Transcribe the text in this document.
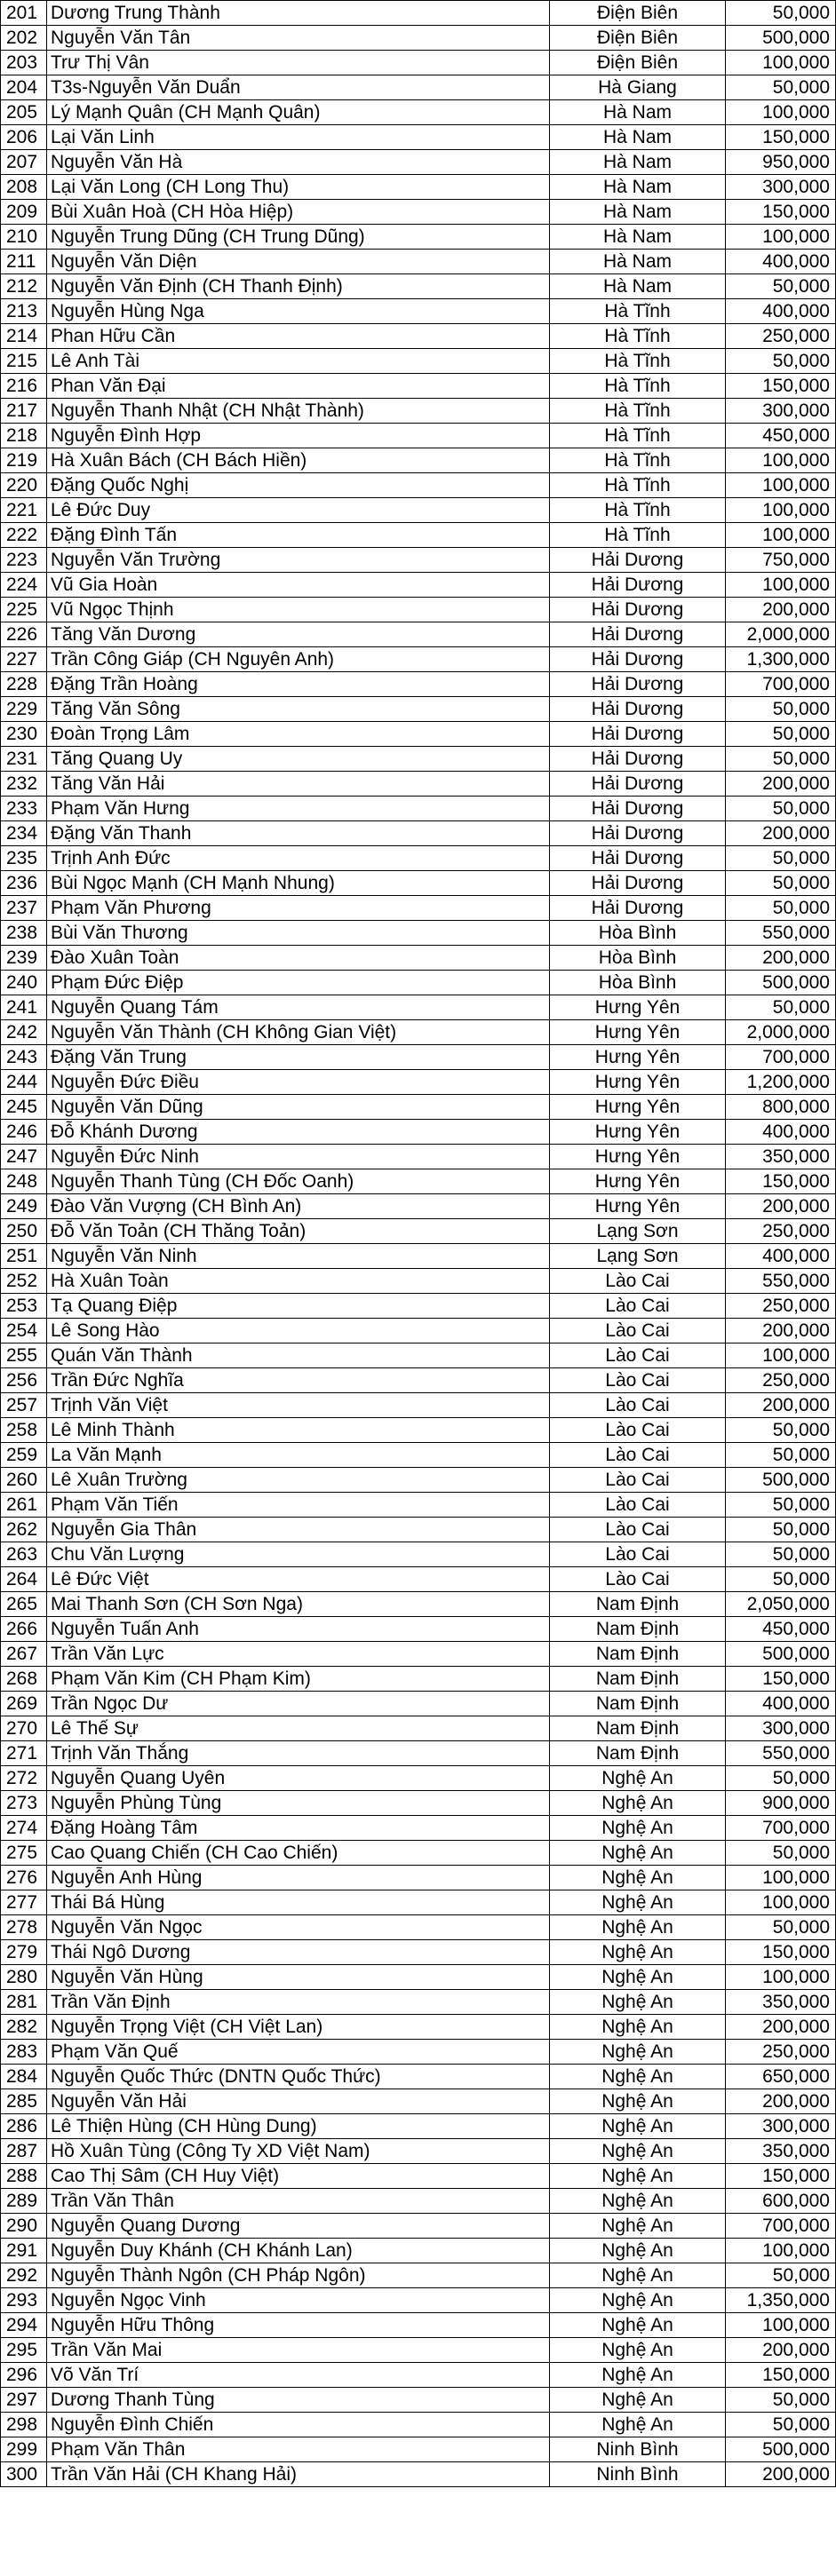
201	Dương Trung Thành	Điện Biên	50,000
202	Nguyễn Văn Tân	Điện Biên	500,000
203	Trư Thị Vân	Điện Biên	100,000
204	T3s-Nguyễn Văn Duẩn	Hà Giang	50,000
205	Lý Mạnh Quân (CH Mạnh Quân)	Hà Nam	100,000
206	Lại Văn Linh	Hà Nam	150,000
207	Nguyễn Văn Hà	Hà Nam	950,000
208	Lại Văn Long (CH Long Thu)	Hà Nam	300,000
209	Bùi Xuân Hoà (CH Hòa Hiệp)	Hà Nam	150,000
210	Nguyễn Trung Dũng (CH Trung Dũng)	Hà Nam	100,000
211	Nguyễn Văn Diện	Hà Nam	400,000
212	Nguyễn Văn Định (CH Thanh Định)	Hà Nam	50,000
213	Nguyễn Hùng Nga	Hà Tĩnh	400,000
214	Phan Hữu Cần	Hà Tĩnh	250,000
215	Lê Anh Tài	Hà Tĩnh	50,000
216	Phan Văn Đại	Hà Tĩnh	150,000
217	Nguyễn Thanh Nhật (CH Nhật Thành)	Hà Tĩnh	300,000
218	Nguyễn Đình Hợp	Hà Tĩnh	450,000
219	Hà Xuân Bách (CH Bách Hiền)	Hà Tĩnh	100,000
220	Đặng Quốc Nghị	Hà Tĩnh	100,000
221	Lê Đức Duy	Hà Tĩnh	100,000
222	Đặng Đình Tấn	Hà Tĩnh	100,000
223	Nguyễn Văn Trường	Hải Dương	750,000
224	Vũ Gia Hoàn	Hải Dương	100,000
225	Vũ Ngọc Thịnh	Hải Dương	200,000
226	Tăng Văn Dương	Hải Dương	2,000,000
227	Trần Công Giáp (CH Nguyên Anh)	Hải Dương	1,300,000
228	Đặng Trần Hoàng	Hải Dương	700,000
229	Tăng Văn Sông	Hải Dương	50,000
230	Đoàn Trọng Lâm	Hải Dương	50,000
231	Tăng Quang Uy	Hải Dương	50,000
232	Tăng Văn Hải	Hải Dương	200,000
233	Phạm Văn Hưng	Hải Dương	50,000
234	Đặng Văn Thanh	Hải Dương	200,000
235	Trịnh Anh Đức	Hải Dương	50,000
236	Bùi Ngọc Mạnh (CH Mạnh Nhung)	Hải Dương	50,000
237	Phạm Văn Phương	Hải Dương	50,000
238	Bùi Văn Thương	Hòa Bình	550,000
239	Đào Xuân Toàn	Hòa Bình	200,000
240	Phạm Đức Điệp	Hòa Bình	500,000
241	Nguyễn Quang Tám	Hưng Yên	50,000
242	Nguyễn Văn Thành (CH Không Gian Việt)	Hưng Yên	2,000,000
243	Đặng Văn Trung	Hưng Yên	700,000
244	Nguyễn Đức Điều	Hưng Yên	1,200,000
245	Nguyễn Văn Dũng	Hưng Yên	800,000
246	Đỗ Khánh Dương	Hưng Yên	400,000
247	Nguyễn Đức Ninh	Hưng Yên	350,000
248	Nguyễn Thanh Tùng (CH Đốc Oanh)	Hưng Yên	150,000
249	Đào Văn Vượng (CH Bình An)	Hưng Yên	200,000
250	Đỗ Văn Toản (CH Thăng Toản)	Lạng Sơn	250,000
251	Nguyễn Văn Ninh	Lạng Sơn	400,000
252	Hà Xuân Toàn	Lào Cai	550,000
253	Tạ Quang Điệp	Lào Cai	250,000
254	Lê Song Hào	Lào Cai	200,000
255	Quán Văn Thành	Lào Cai	100,000
256	Trần Đức Nghĩa	Lào Cai	250,000
257	Trịnh Văn Việt	Lào Cai	200,000
258	Lê Minh Thành	Lào Cai	50,000
259	La Văn Mạnh	Lào Cai	50,000
260	Lê Xuân Trường	Lào Cai	500,000
261	Phạm Văn Tiến	Lào Cai	50,000
262	Nguyễn Gia Thân	Lào Cai	50,000
263	Chu Văn Lượng	Lào Cai	50,000
264	Lê Đức Việt	Lào Cai	50,000
265	Mai Thanh Sơn (CH Sơn Nga)	Nam Định	2,050,000
266	Nguyễn Tuấn Anh	Nam Định	450,000
267	Trần Văn Lực	Nam Định	500,000
268	Phạm Văn Kim (CH Phạm Kim)	Nam Định	150,000
269	Trần Ngọc Dư	Nam Định	400,000
270	Lê Thế Sự	Nam Định	300,000
271	Trịnh Văn Thắng	Nam Định	550,000
272	Nguyễn Quang Uyên	Nghệ An	50,000
273	Nguyễn Phùng Tùng	Nghệ An	900,000
274	Đặng Hoàng Tâm	Nghệ An	700,000
275	Cao Quang Chiến (CH Cao Chiến)	Nghệ An	50,000
276	Nguyễn Anh Hùng	Nghệ An	100,000
277	Thái Bá Hùng	Nghệ An	100,000
278	Nguyễn Văn Ngọc	Nghệ An	50,000
279	Thái Ngô Dương	Nghệ An	150,000
280	Nguyễn Văn Hùng	Nghệ An	100,000
281	Trần Văn Định	Nghệ An	350,000
282	Nguyễn Trọng Việt (CH Việt Lan)	Nghệ An	200,000
283	Phạm Văn Quế	Nghệ An	250,000
284	Nguyễn Quốc Thức (DNTN Quốc Thức)	Nghệ An	650,000
285	Nguyễn Văn Hải	Nghệ An	200,000
286	Lê Thiện Hùng (CH Hùng Dung)	Nghệ An	300,000
287	Hồ Xuân Tùng (Công Ty XD Việt Nam)	Nghệ An	350,000
288	Cao Thị Sâm (CH Huy Việt)	Nghệ An	150,000
289	Trần Văn Thân	Nghệ An	600,000
290	Nguyễn Quang Dương	Nghệ An	700,000
291	Nguyễn Duy Khánh (CH Khánh Lan)	Nghệ An	100,000
292	Nguyễn Thành Ngôn (CH Pháp Ngôn)	Nghệ An	50,000
293	Nguyễn Ngọc Vinh	Nghệ An	1,350,000
294	Nguyễn Hữu Thông	Nghệ An	100,000
295	Trần Văn Mai	Nghệ An	200,000
296	Võ Văn Trí	Nghệ An	150,000
297	Dương Thanh Tùng	Nghệ An	50,000
298	Nguyễn Đình Chiến	Nghệ An	50,000
299	Phạm Văn Thân	Ninh Bình	500,000
300	Trần Văn Hải (CH Khang Hải)	Ninh Bình	200,000
